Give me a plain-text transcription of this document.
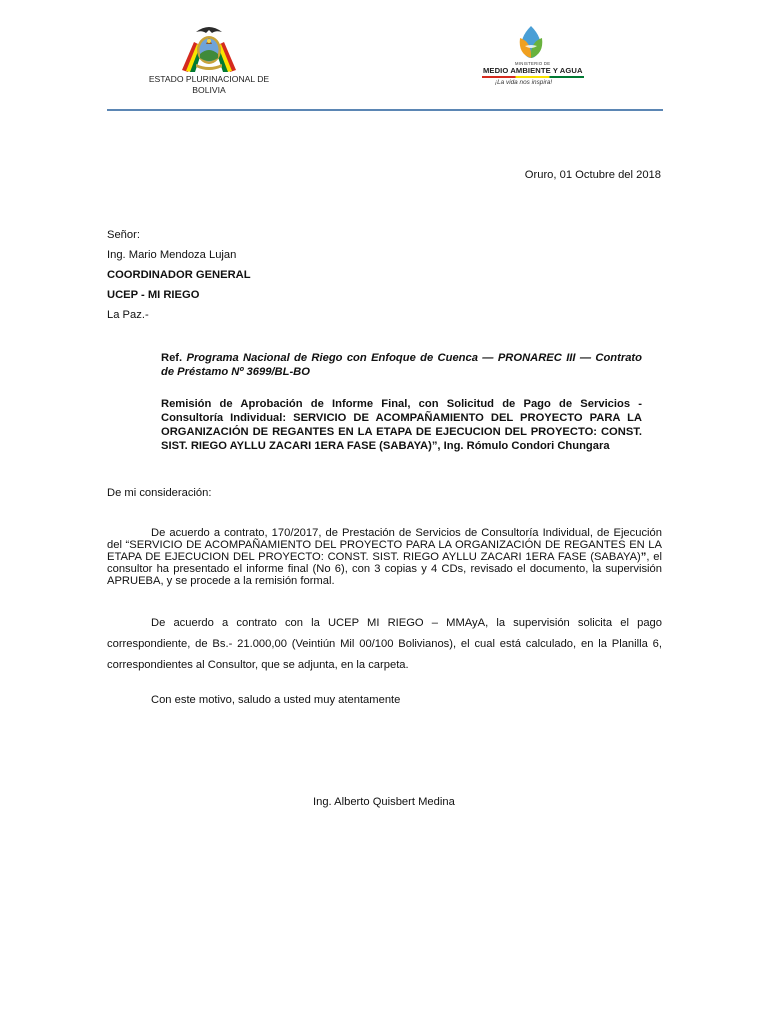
ESTADO PLURINACIONAL DE
BOLIVIA
MINISTERIO DE
MEDIO AMBIENTE Y AGUA
¡La vida nos inspira!
Oruro, 01 Octubre del 2018
Señor:
Ing. Mario Mendoza Lujan
COORDINADOR GENERAL
UCEP - MI RIEGO
La Paz.-
Ref. Programa Nacional de Riego con Enfoque de Cuenca — PRONAREC III — Contrato de Préstamo Nº 3699/BL-BO
Remisión de Aprobación de Informe Final, con Solicitud de Pago de Servicios - Consultoría Individual: SERVICIO DE ACOMPAÑAMIENTO DEL PROYECTO PARA LA ORGANIZACIÓN DE REGANTES EN LA ETAPA DE EJECUCION DEL PROYECTO: CONST. SIST. RIEGO AYLLU ZACARI 1ERA FASE (SABAYA)”, Ing. Rómulo Condori Chungara
De mi consideración:
De acuerdo a contrato, 170/2017, de Prestación de Servicios de Consultoría Individual, de Ejecución del “SERVICIO DE ACOMPAÑAMIENTO DEL PROYECTO PARA LA ORGANIZACIÓN DE REGANTES EN LA ETAPA DE EJECUCION DEL PROYECTO: CONST. SIST. RIEGO AYLLU ZACARI 1ERA FASE (SABAYA)”, el consultor ha presentado el informe final (No 6), con 3 copias y 4 CDs, revisado el documento, la supervisión APRUEBA, y se procede a la remisión formal.
De acuerdo a contrato con la UCEP MI RIEGO – MMAyA, la supervisión solicita el pago correspondiente, de Bs.- 21.000,00 (Veintiún Mil 00/100 Bolivianos), el cual está calculado, en la Planilla 6, correspondientes al Consultor, que se adjunta, en la carpeta.
Con este motivo, saludo a usted muy atentamente
Ing. Alberto Quisbert Medina
